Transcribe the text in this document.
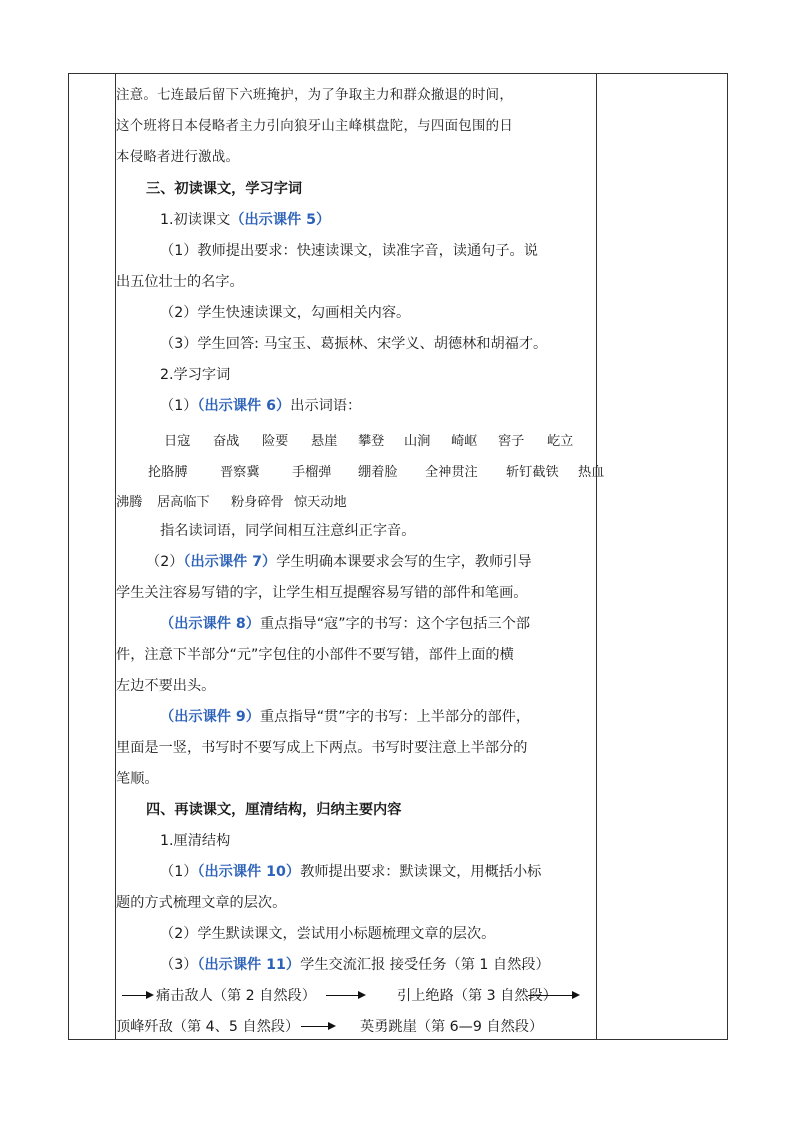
注意。七连最后留下六班掩护，为了争取主力和群众撤退的时间，
这个班将日本侵略者主力引向狼牙山主峰棋盘陀，与四面包围的日
本侵略者进行激战。
三、初读课文，学习字词
1.初读课文（出示课件 5）
（1）教师提出要求：快速读课文，读准字音，读通句子。说
出五位壮士的名字。
（2）学生快速读课文，勾画相关内容。
（3）学生回答: 马宝玉、葛振林、宋学义、胡德林和胡福才。
2.学习字词
（1）（出示课件 6）出示词语：
日寇 奋战 险要 悬崖 攀登 山涧 崎岖 窖子 屹立
抡胳膊 晋察冀 手榴弹 绷着脸 全神贯注 斩钉截铁 热血
沸腾 居高临下 粉身碎骨 惊天动地
指名读词语，同学间相互注意纠正字音。
（2）（出示课件 7）学生明确本课要求会写的生字，教师引导
学生关注容易写错的字，让学生相互提醒容易写错的部件和笔画。
（出示课件 8）重点指导“寇”字的书写：这个字包括三个部
件，注意下半部分“元”字包住的小部件不要写错，部件上面的横
左边不要出头。
（出示课件 9）重点指导“贯”字的书写：上半部分的部件，
里面是一竖，书写时不要写成上下两点。书写时要注意上半部分的
笔顺。
四、再读课文，厘清结构，归纳主要内容
1.厘清结构
（1）（出示课件 10）教师提出要求：默读课文，用概括小标
题的方式梳理文章的层次。
（2）学生默读课文，尝试用小标题梳理文章的层次。
（3）（出示课件 11）学生交流汇报 接受任务（第 1 自然段）
痛击敌人（第 2 自然段）	引上绝路（第 3 自然段）
顶峰歼敌（第 4、5 自然段）	英勇跳崖（第 6—9 自然段）
